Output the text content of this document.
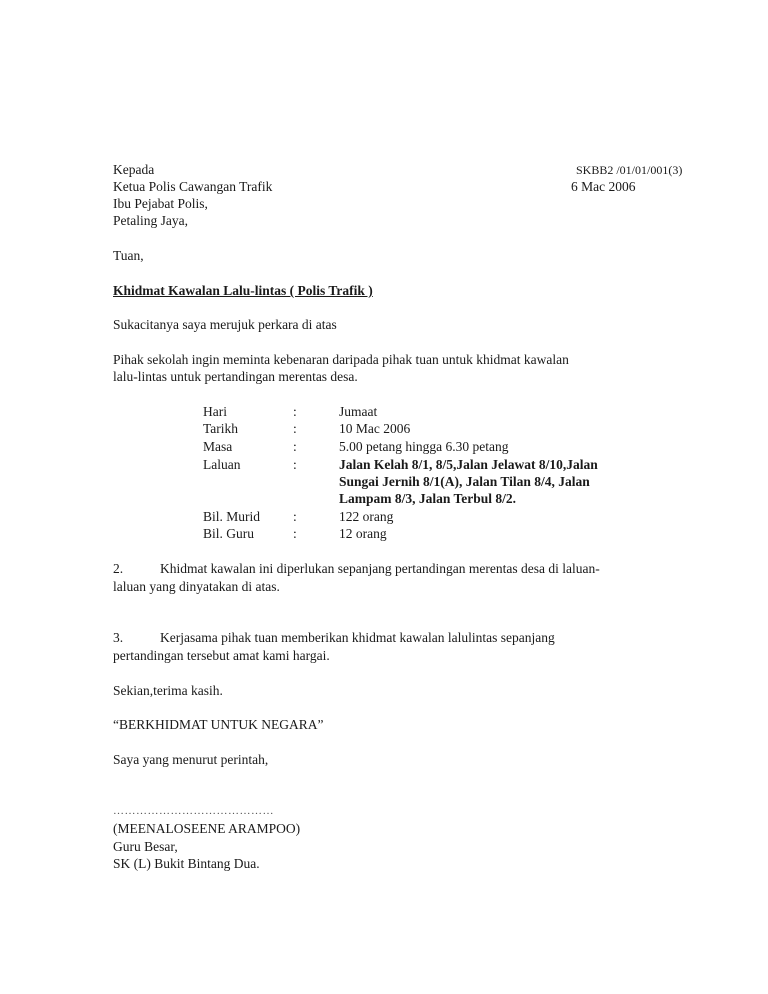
Kepada
Ketua Polis Cawangan Trafik
Ibu Pejabat Polis,
Petaling Jaya,
SKBB2 /01/01/001(3)
6 Mac 2006
Tuan,
Khidmat Kawalan Lalu-lintas ( Polis Trafik )
Sukacitanya saya merujuk perkara di atas
Pihak sekolah ingin meminta kebenaran daripada pihak tuan untuk khidmat kawalan
lalu-lintas untuk pertandingan merentas desa.
Hari	:	Jumaat
Tarikh	:	10 Mac 2006
Masa	:	5.00 petang hingga 6.30 petang
Laluan	:	Jalan Kelah 8/1, 8/5,Jalan Jelawat 8/10,Jalan
Sungai Jernih 8/1(A), Jalan Tilan 8/4, Jalan
Lampam 8/3, Jalan Terbul 8/2.
Bil. Murid :	122 orang
Bil. Guru	:	12 orang
2.	Khidmat kawalan ini diperlukan sepanjang pertandingan merentas desa di laluan-
laluan yang dinyatakan di atas.
3.	Kerjasama pihak tuan memberikan khidmat kawalan lalulintas sepanjang
pertandingan tersebut amat kami hargai.
Sekian,terima kasih.
“BERKHIDMAT UNTUK NEGARA”
Saya yang menurut perintah,
……………………………………
(MEENALOSEENE ARAMPOO)
Guru Besar,
SK (L) Bukit Bintang Dua.
